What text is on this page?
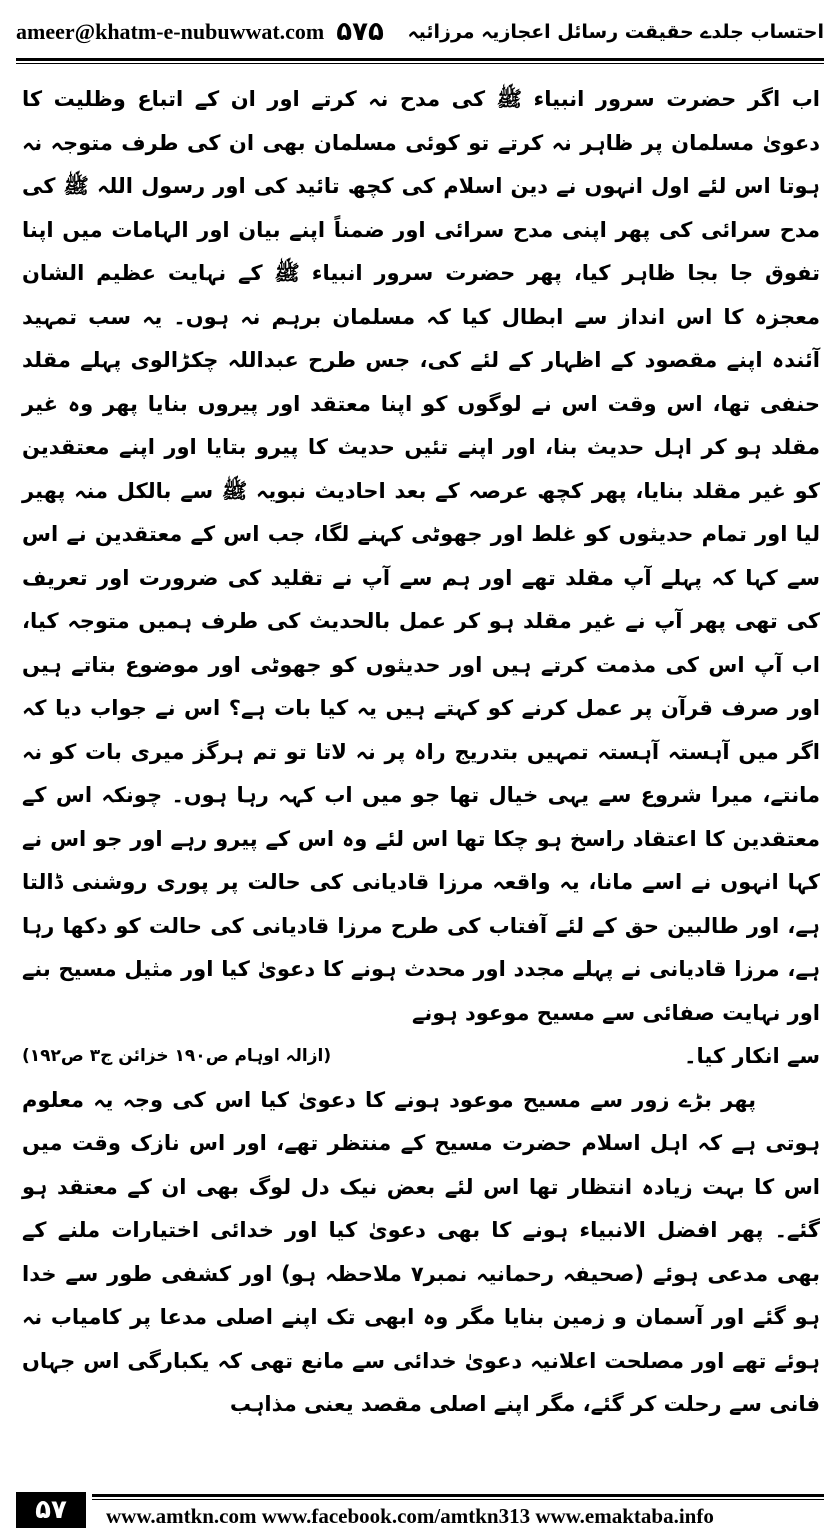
ameer@khatm-e-nubuwwat.com ۵۷۵ احتساب جلدے حقیقت رسائل اعجازیہ مرزائیہ

اب اگر حضرت سرور انبیاء ﷺ کی مدح نہ کرتے اور ان کے اتباع وظلیت کا دعویٰ مسلمان پر ظاہر نہ کرتے تو کوئی مسلمان بھی ان کی طرف متوجہ نہ ہوتا اس لئے اول انہوں نے دین اسلام کی کچھ تائید کی اور رسول اللہ ﷺ کی مدح سرائی کی پھر اپنی مدح سرائی اور ضمناً اپنے بیان اور الہامات میں اپنا تفوق جا بجا ظاہر کیا، پھر حضرت سرور انبیاء ﷺ کے نہایت عظیم الشان معجزہ کا اس انداز سے ابطال کیا کہ مسلمان برہم نہ ہوں۔ یہ سب تمہید آئندہ اپنے مقصود کے اظہار کے لئے کی، جس طرح عبداللہ چکڑالوی پہلے مقلد حنفی تھا، اس وقت اس نے لوگوں کو اپنا معتقد اور پیروں بنایا پھر وہ غیر مقلد ہو کر اہل حدیث بنا، اور اپنے تئیں حدیث کا پیرو بتایا اور اپنے معتقدین کو غیر مقلد بنایا، پھر کچھ عرصہ کے بعد احادیث نبویہ ﷺ سے بالکل منہ پھیر لیا اور تمام حدیثوں کو غلط اور جھوٹی کہنے لگا، جب اس کے معتقدین نے اس سے کہا کہ پہلے آپ مقلد تھے اور ہم سے آپ نے تقلید کی ضرورت اور تعریف کی تھی پھر آپ نے غیر مقلد ہو کر عمل بالحدیث کی طرف ہمیں متوجہ کیا، اب آپ اس کی مذمت کرتے ہیں اور حدیثوں کو جھوٹی اور موضوع بتاتے ہیں اور صرف قرآن پر عمل کرنے کو کہتے ہیں یہ کیا بات ہے؟ اس نے جواب دیا کہ اگر میں آہستہ آہستہ تمہیں بتدریج راہ پر نہ لاتا تو تم ہرگز میری بات کو نہ مانتے، میرا شروع سے یہی خیال تھا جو میں اب کہہ رہا ہوں۔ چونکہ اس کے معتقدین کا اعتقاد راسخ ہو چکا تھا اس لئے وہ اس کے پیرو رہے اور جو اس نے کہا انہوں نے اسے مانا، یہ واقعہ مرزا قادیانی کی حالت پر پوری روشنی ڈالتا ہے، اور طالبین حق کے لئے آفتاب کی طرح مرزا قادیانی کی حالت کو دکھا رہا ہے، مرزا قادیانی نے پہلے مجدد اور محدث ہونے کا دعویٰ کیا اور مثیل مسیح بنے اور نہایت صفائی سے مسیح موعود ہونے

سے انکار کیا۔
(ازالہ اوہام ص۱۹۰ خزائن ج۳ ص۱۹۲)

پھر بڑے زور سے مسیح موعود ہونے کا دعویٰ کیا اس کی وجہ یہ معلوم ہوتی ہے کہ اہل اسلام حضرت مسیح کے منتظر تھے، اور اس نازک وقت میں اس کا بہت زیادہ انتظار تھا اس لئے بعض نیک دل لوگ بھی ان کے معتقد ہو گئے۔ پھر افضل الانبیاء ہونے کا بھی دعویٰ کیا اور خدائی اختیارات ملنے کے بھی مدعی ہوئے (صحیفہ رحمانیہ نمبر۷ ملاحظہ ہو) اور کشفی طور سے خدا ہو گئے اور آسمان و زمین بنایا مگر وہ ابھی تک اپنے اصلی مدعا پر کامیاب نہ ہوئے تھے اور مصلحت اعلانیہ دعویٰ خدائی سے مانع تھی کہ یکبارگی اس جہاں فانی سے رحلت کر گئے، مگر اپنے اصلی مقصد یعنی مذاہب

۵۷	www.amtkn.com www.facebook.com/amtkn313 www.emaktaba.info
